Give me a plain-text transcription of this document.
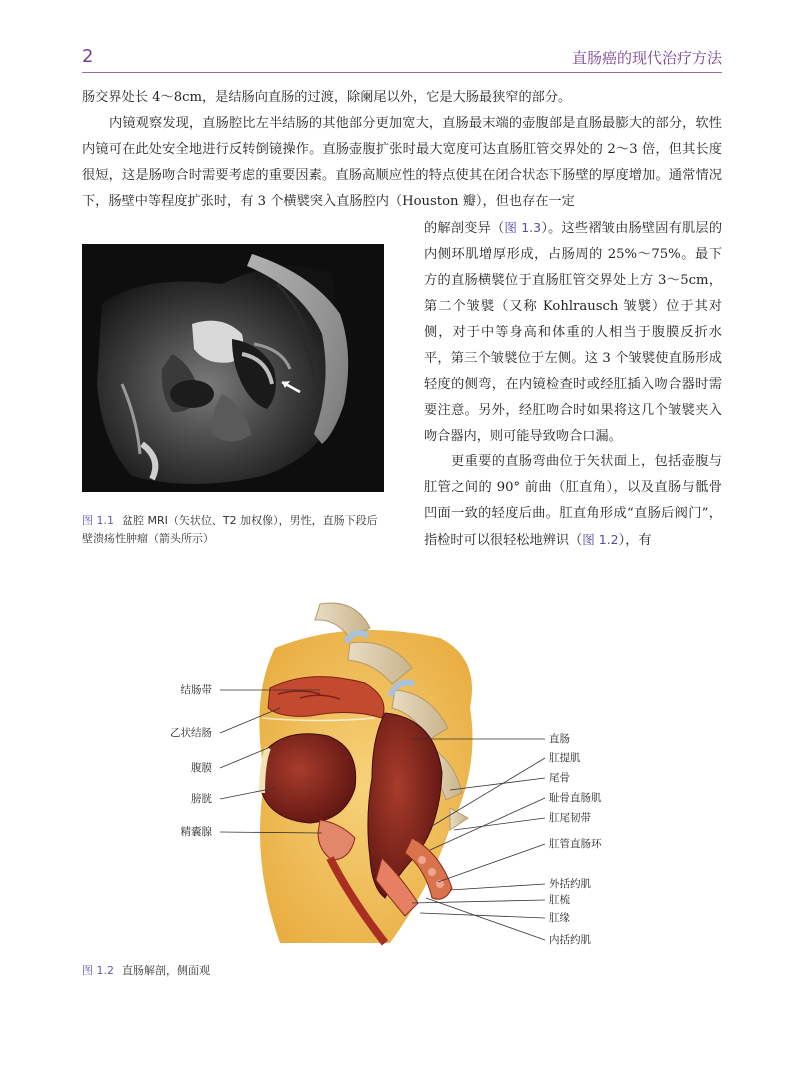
2	直肠癌的现代治疗方法
肠交界处长 4～8cm，是结肠向直肠的过渡，除阑尾以外，它是大肠最狭窄的部分。
内镜观察发现，直肠腔比左半结肠的其他部分更加宽大，直肠最末端的壶腹部是直肠最膨大的部分，软性内镜可在此处安全地进行反转倒镜操作。直肠壶腹扩张时最大宽度可达直肠肛管交界处的 2～3 倍，但其长度很短，这是肠吻合时需要考虑的重要因素。直肠高顺应性的特点使其在闭合状态下肠壁的厚度增加。通常情况下，肠壁中等程度扩张时，有 3 个横襞突入直肠腔内（Houston 瓣），但也存在一定
的解剖变异（图 1.3）。这些褶皱由肠壁固有肌层的内侧环肌增厚形成，占肠周的 25%～75%。最下方的直肠横襞位于直肠肛管交界处上方 3～5cm，第二个皱襞（又称 Kohlrausch 皱襞）位于其对侧，对于中等身高和体重的人相当于腹膜反折水平，第三个皱襞位于左侧。这 3 个皱襞使直肠形成轻度的侧弯，在内镜检查时或经肛插入吻合器时需要注意。另外，经肛吻合时如果将这几个皱襞夹入吻合器内，则可能导致吻合口漏。
更重要的直肠弯曲位于矢状面上，包括壶腹与肛管之间的 90° 前曲（肛直角），以及直肠与骶骨凹面一致的轻度后曲。肛直角形成“直肠后阀门”，指检时可以很轻松地辨识（图 1.2），有
图 1.1 盆腔 MRI（矢状位、T2 加权像），男性，直肠下段后壁溃疡性肿瘤（箭头所示）
结肠带
乙状结肠
腹膜
膀胱
精囊腺
直肠
肛提肌
尾骨
耻骨直肠肌
肛尾韧带
肛管直肠环
外括约肌
肛梳
肛缘
内括约肌
图 1.2 直肠解剖，侧面观
